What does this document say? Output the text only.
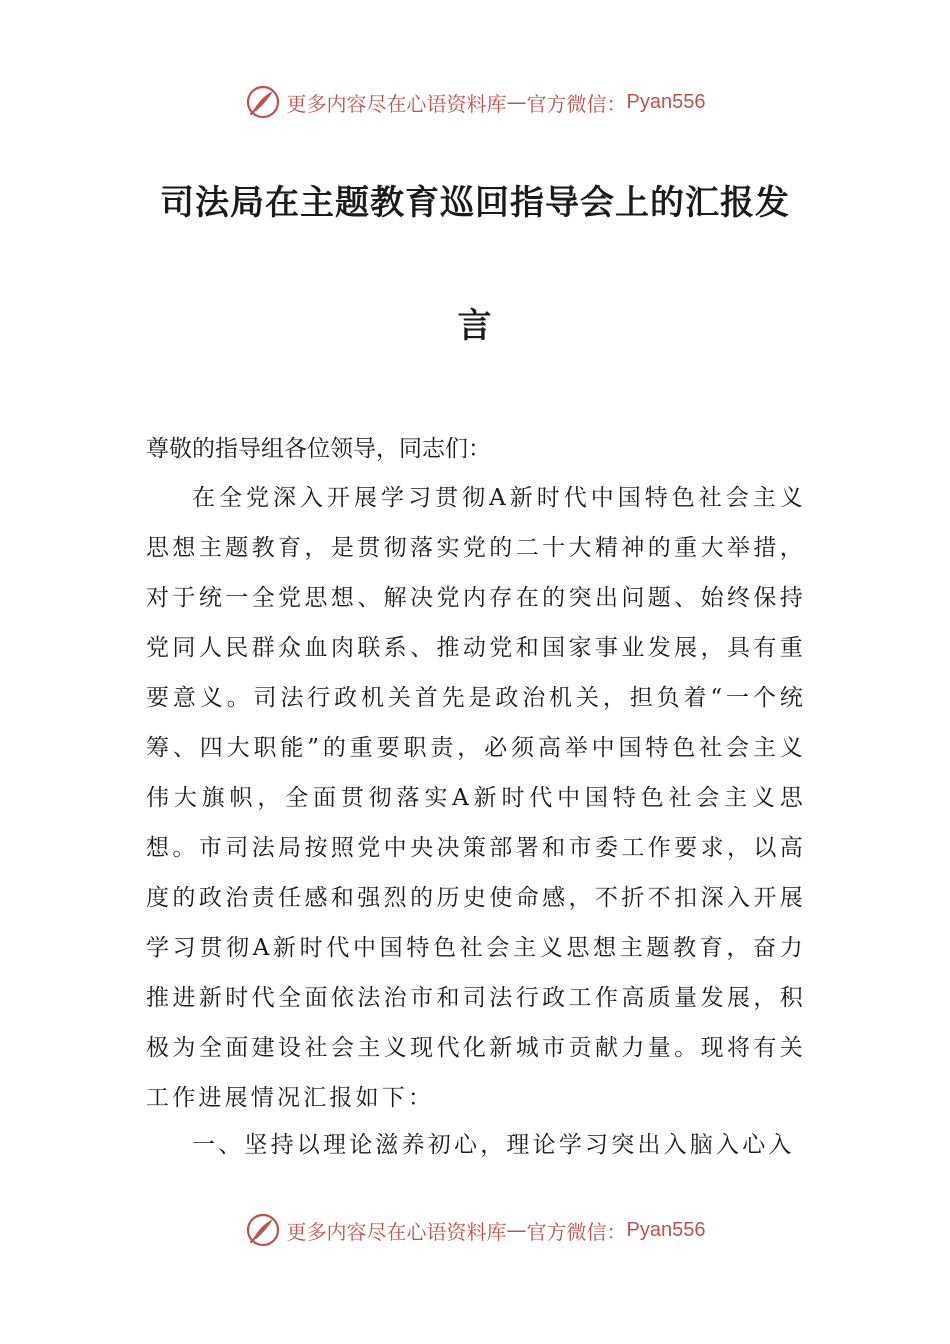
更多内容尽在心语资料库 — 官方微信： Pyan556
司法局在主题教育巡回指导会上的汇报发
言

尊敬的指导组各位领导，同志们：

在全党深入开展学习贯彻A新时代中国特色社会主义思想主题教育，是贯彻落实党的二十大精神的重大举措，对于统一全党思想、解决党内存在的突出问题、始终保持党同人民群众血肉联系、推动党和国家事业发展，具有重要意义。司法行政机关首先是政治机关，担负着“一个统筹、四大职能”的重要职责，必须高举中国特色社会主义伟大旗帜，全面贯彻落实A新时代中国特色社会主义思想。市司法局按照党中央决策部署和市委工作要求，以高度的政治责任感和强烈的历史使命感，不折不扣深入开展学习贯彻A新时代中国特色社会主义思想主题教育，奋力推进新时代全面依法治市和司法行政工作高质量发展，积极为全面建设社会主义现代化新城市贡献力量。现将有关工作进展情况汇报如下：

一、坚持以理论滋养初心，理论学习突出入脑入心入

更多内容尽在心语资料库 — 官方微信： Pyan556
